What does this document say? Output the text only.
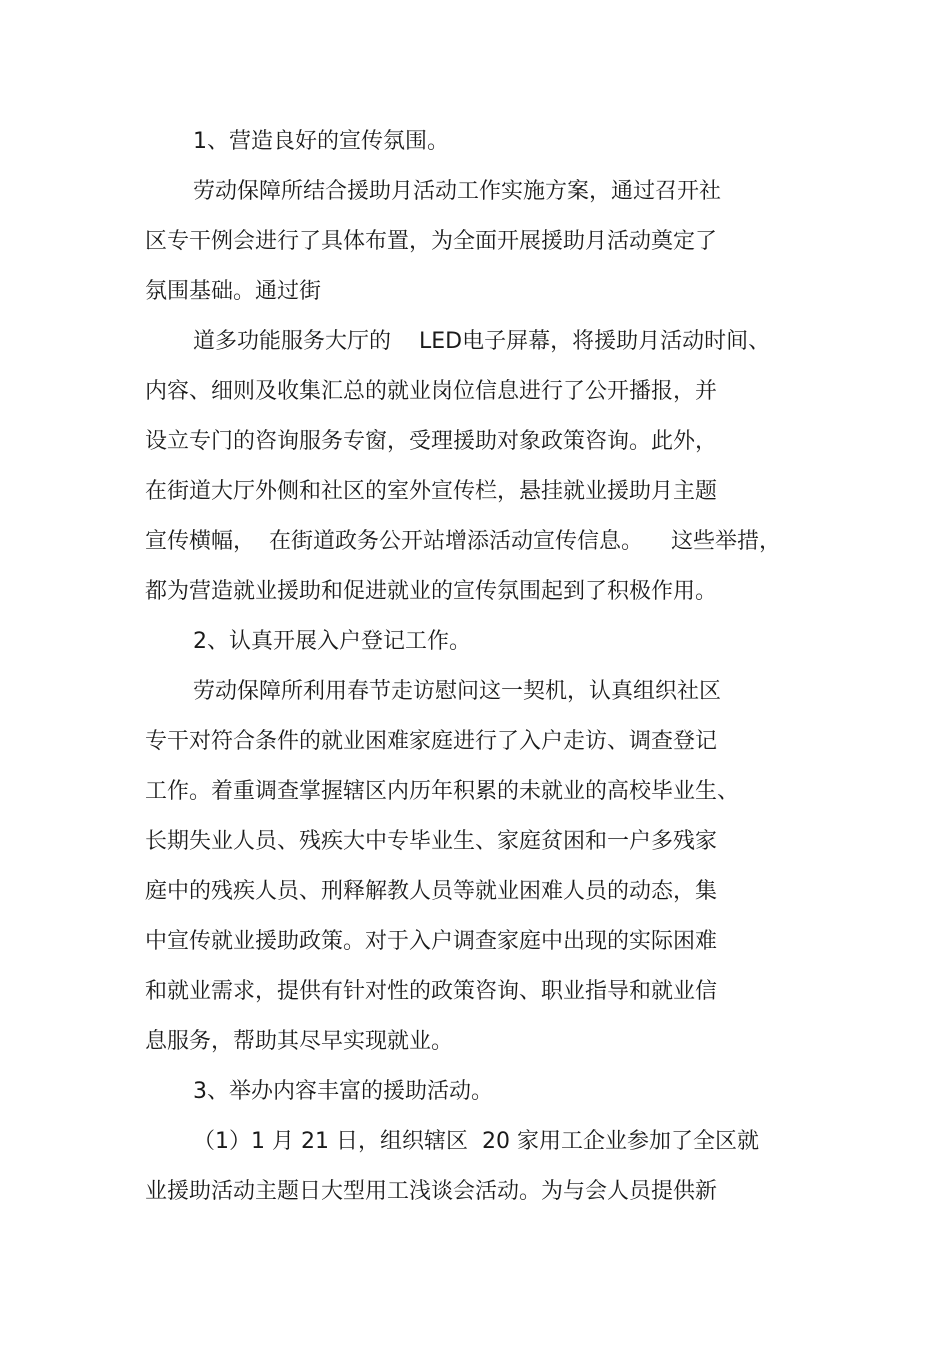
1、营造良好的宣传氛围。
劳动保障所结合援助月活动工作实施方案，通过召开社
区专干例会进行了具体布置，为全面开展援助月活动奠定了
氛围基础。通过街
道多功能服务大厅的    LED电子屏幕，将援助月活动时间、
内容、细则及收集汇总的就业岗位信息进行了公开播报，并
设立专门的咨询服务专窗，受理援助对象政策咨询。此外，
在街道大厅外侧和社区的室外宣传栏，悬挂就业援助月主题
宣传横幅，  在街道政务公开站增添活动宣传信息。    这些举措，
都为营造就业援助和促进就业的宣传氛围起到了积极作用。
2、认真开展入户登记工作。
劳动保障所利用春节走访慰问这一契机，认真组织社区
专干对符合条件的就业困难家庭进行了入户走访、调查登记
工作。着重调查掌握辖区内历年积累的未就业的高校毕业生、
长期失业人员、残疾大中专毕业生、家庭贫困和一户多残家
庭中的残疾人员、刑释解教人员等就业困难人员的动态，集
中宣传就业援助政策。对于入户调查家庭中出现的实际困难
和就业需求，提供有针对性的政策咨询、职业指导和就业信
息服务，帮助其尽早实现就业。
3、举办内容丰富的援助活动。
（1）1 月 21 日，组织辖区  20 家用工企业参加了全区就
业援助活动主题日大型用工浅谈会活动。为与会人员提供新
